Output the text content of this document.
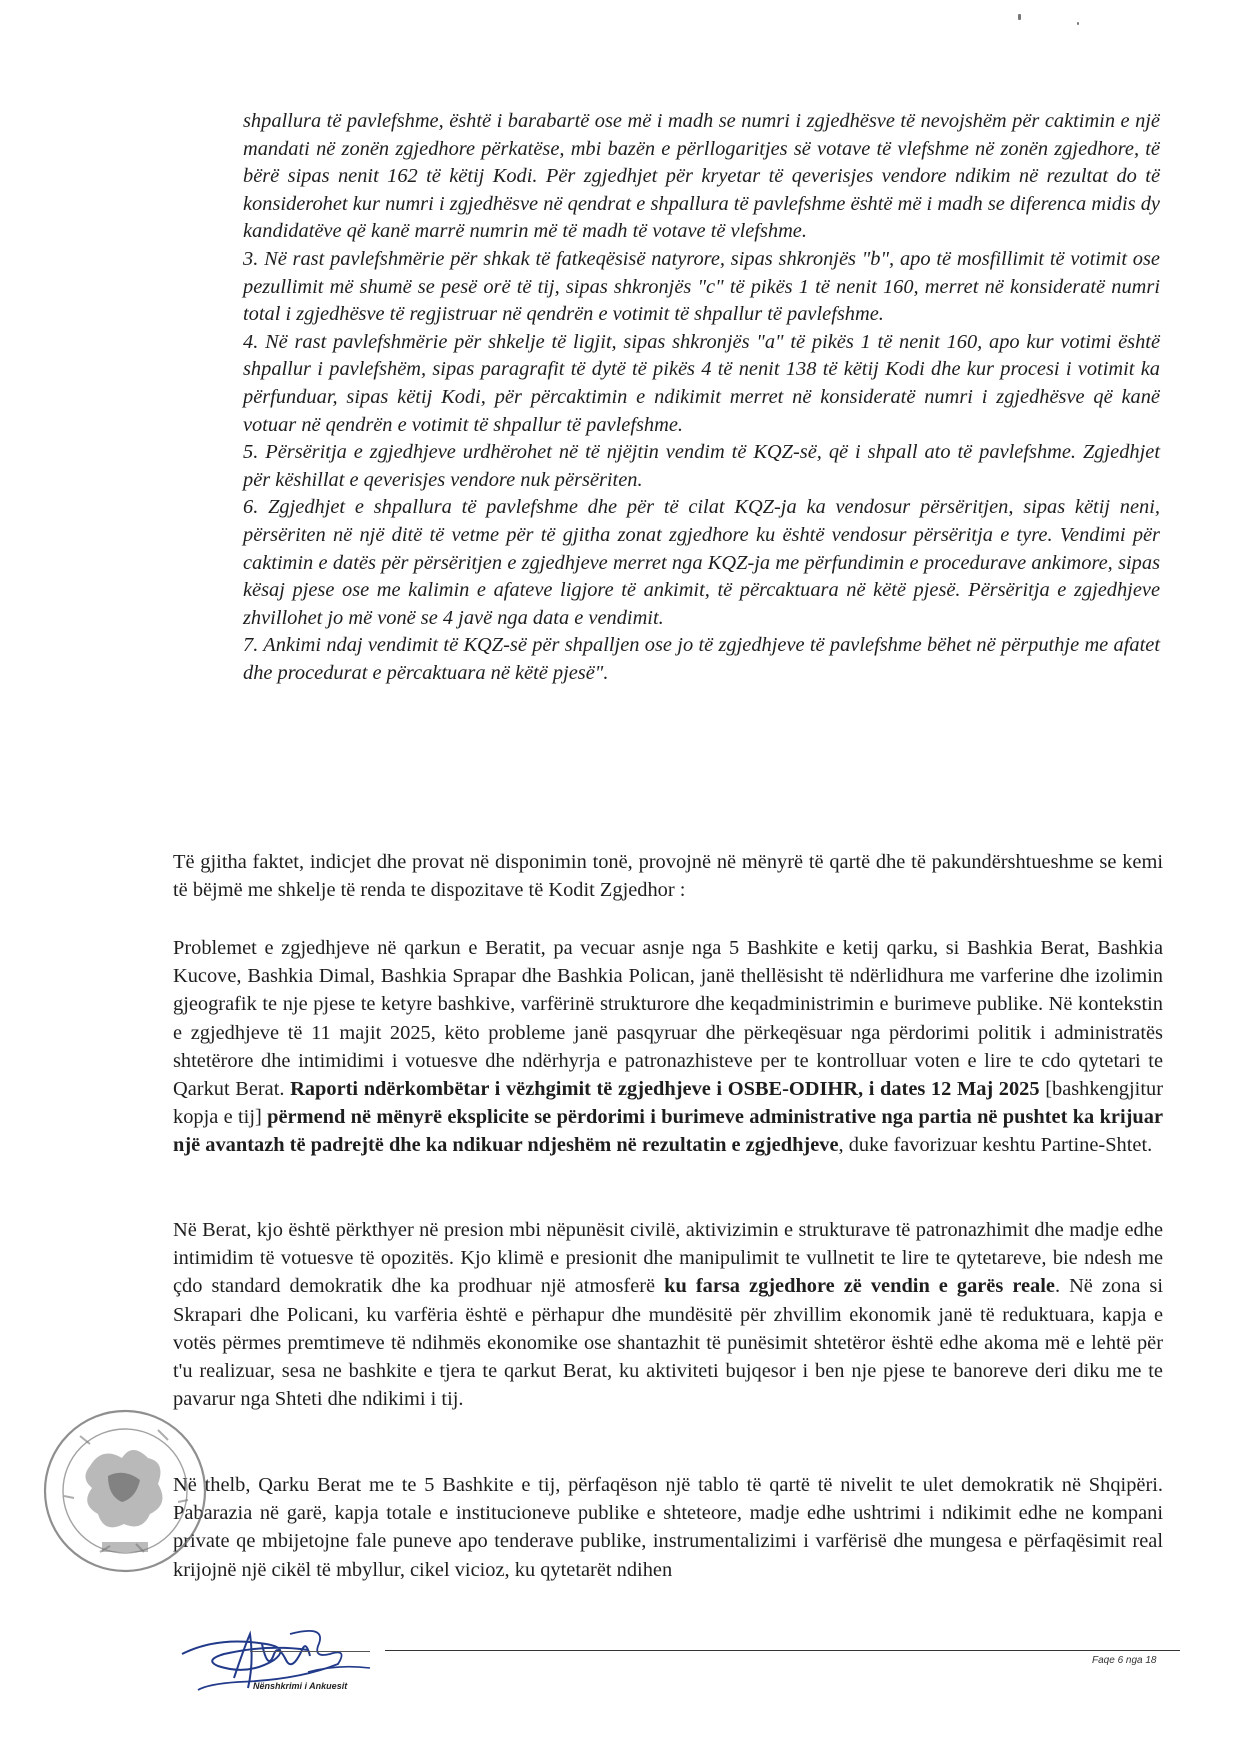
shpallura të pavlefshme, është i barabartë ose më i madh se numri i zgjedhësve të nevojshëm për caktimin e një mandati në zonën zgjedhore përkatëse, mbi bazën e përllogaritjes së votave të vlefshme në zonën zgjedhore, të bërë sipas nenit 162 të këtij Kodi. Për zgjedhjet për kryetar të qeverisjes vendore ndikim në rezultat do të konsiderohet kur numri i zgjedhësve në qendrat e shpallura të pavlefshme është më i madh se diferenca midis dy kandidatëve që kanë marrë numrin më të madh të votave të vlefshme.

3. Në rast pavlefshmërie për shkak të fatkeqësisë natyrore, sipas shkronjës "b", apo të mosfillimit të votimit ose pezullimit më shumë se pesë orë të tij, sipas shkronjës "c" të pikës 1 të nenit 160, merret në konsideratë numri total i zgjedhësve të regjistruar në qendrën e votimit të shpallur të pavlefshme.

4. Në rast pavlefshmërie për shkelje të ligjit, sipas shkronjës "a" të pikës 1 të nenit 160, apo kur votimi është shpallur i pavlefshëm, sipas paragrafit të dytë të pikës 4 të nenit 138 të këtij Kodi dhe kur procesi i votimit ka përfunduar, sipas këtij Kodi, për përcaktimin e ndikimit merret në konsideratë numri i zgjedhësve që kanë votuar në qendrën e votimit të shpallur të pavlefshme.

5. Përsëritja e zgjedhjeve urdhërohet në të njëjtin vendim të KQZ-së, që i shpall ato të pavlefshme. Zgjedhjet për këshillat e qeverisjes vendore nuk përsëriten.

6. Zgjedhjet e shpallura të pavlefshme dhe për të cilat KQZ-ja ka vendosur përsëritjen, sipas këtij neni, përsëriten në një ditë të vetme për të gjitha zonat zgjedhore ku është vendosur përsëritja e tyre. Vendimi për caktimin e datës për përsëritjen e zgjedhjeve merret nga KQZ-ja me përfundimin e procedurave ankimore, sipas kësaj pjese ose me kalimin e afateve ligjore të ankimit, të përcaktuara në këtë pjesë. Përsëritja e zgjedhjeve zhvillohet jo më vonë se 4 javë nga data e vendimit.

7. Ankimi ndaj vendimit të KQZ-së për shpalljen ose jo të zgjedhjeve të pavlefshme bëhet në përputhje me afatet dhe procedurat e përcaktuara në këtë pjesë".

Të gjitha faktet, indicjet dhe provat në disponimin tonë, provojnë në mënyrë të qartë dhe të pakundërshtueshme se kemi të bëjmë me shkelje të renda te dispozitave të Kodit Zgjedhor :

Problemet e zgjedhjeve në qarkun e Beratit, pa vecuar asnje nga 5 Bashkite e ketij qarku, si Bashkia Berat, Bashkia Kucove, Bashkia Dimal, Bashkia Sprapar dhe Bashkia Polican, janë thellësisht të ndërlidhura me varferine dhe izolimin gjeografik te nje pjese te ketyre bashkive, varfërinë strukturore dhe keqadministrimin e burimeve publike. Në kontekstin e zgjedhjeve të 11 majit 2025, këto probleme janë pasqyruar dhe përkeqësuar nga përdorimi politik i administratës shtetërore dhe intimidimi i votuesve dhe ndërhyrja e patronazhisteve per te kontrolluar voten e lire te cdo qytetari te Qarkut Berat. Raporti ndërkombëtar i vëzhgimit të zgjedhjeve i OSBE-ODIHR, i dates 12 Maj 2025 [bashkengjitur kopja e tij] përmend në mënyrë eksplicite se përdorimi i burimeve administrative nga partia në pushtet ka krijuar një avantazh të padrejtë dhe ka ndikuar ndjeshëm në rezultatin e zgjedhjeve, duke favorizuar keshtu Partine-Shtet.

Në Berat, kjo është përkthyer në presion mbi nëpunësit civilë, aktivizimin e strukturave të patronazhimit dhe madje edhe intimidim të votuesve të opozitës. Kjo klimë e presionit dhe manipulimit te vullnetit te lire te qytetareve, bie ndesh me çdo standard demokratik dhe ka prodhuar një atmosferë ku farsa zgjedhore zë vendin e garës reale. Në zona si Skrapari dhe Policani, ku varfëria është e përhapur dhe mundësitë për zhvillim ekonomik janë të reduktuara, kapja e votës përmes premtimeve të ndihmës ekonomike ose shantazhit të punësimit shtetëror është edhe akoma më e lehtë për t'u realizuar, sesa ne bashkite e tjera te qarkut Berat, ku aktiviteti bujqesor i ben nje pjese te banoreve deri diku me te pavarur nga Shteti dhe ndikimi i tij.

Në thelb, Qarku Berat me te 5 Bashkite e tij, përfaqëson një tablo të qartë të nivelit te ulet demokratik në Shqipëri. Pabarazia në garë, kapja totale e institucioneve publike e shteteore, madje edhe ushtrimi i ndikimit edhe ne kompani private qe mbijetojne fale puneve apo tenderave publike, instrumentalizimi i varfërisë dhe mungesa e përfaqësimit real krijojnë një cikël të mbyllur, cikel vicioz, ku qytetarët ndihen

Faqe 6 nga 18
Nënshkrimi i Ankuesit
